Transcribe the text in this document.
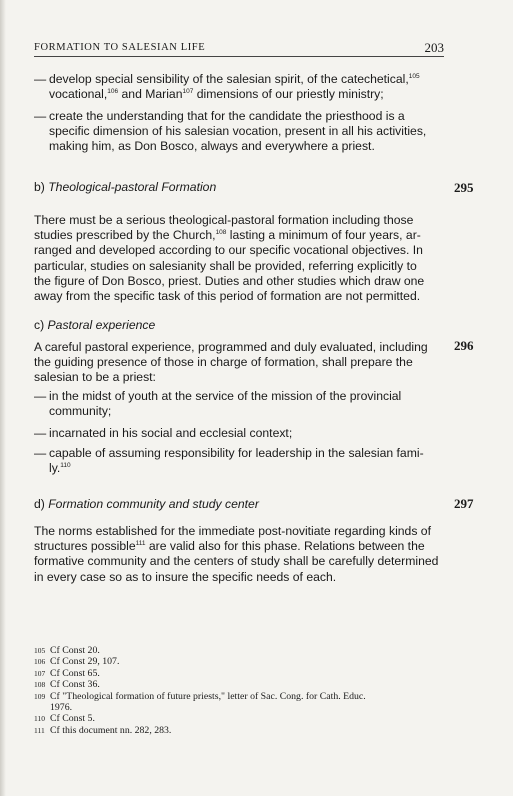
FORMATION TO SALESIAN LIFE	203
— develop special sensibility of the salesian spirit, of the catechetical,$^{105}$
vocational,$^{106}$ and Marian$^{107}$ dimensions of our priestly ministry;
— create the understanding that for the candidate the priesthood is a
specific dimension of his salesian vocation, present in all his activities,
making him, as Don Bosco, always and everywhere a priest.
b) Theological-pastoral Formation	295
There must be a serious theological-pastoral formation including those
studies prescribed by the Church,$^{108}$ lasting a minimum of four years, ar-
ranged and developed according to our specific vocational objectives. In
particular, studies on salesianity shall be provided, referring explicitly to
the figure of Don Bosco, priest. Duties and other studies which draw one
away from the specific task of this period of formation are not permitted.
c) Pastoral experience
296
A careful pastoral experience, programmed and duly evaluated, including
the guiding presence of those in charge of formation, shall prepare the
salesian to be a priest:
— in the midst of youth at the service of the mission of the provincial
community;
— incarnated in his social and ecclesial context;
— capable of assuming responsibility for leadership in the salesian fami-
ly.$^{110}$
d) Formation community and study center	297
The norms established for the immediate post-novitiate regarding kinds of
structures possible$^{111}$ are valid also for this phase. Relations between the
formative community and the centers of study shall be carefully determined
in every case so as to insure the specific needs of each.
105 Cf Const 20.
106 Cf Const 29, 107.
107 Cf Const 65.
108 Cf Const 36.
109 Cf "Theological formation of future priests," letter of Sac. Cong. for Cath. Educ.
1976.
110 Cf Const 5.
111 Cf this document nn. 282, 283.
